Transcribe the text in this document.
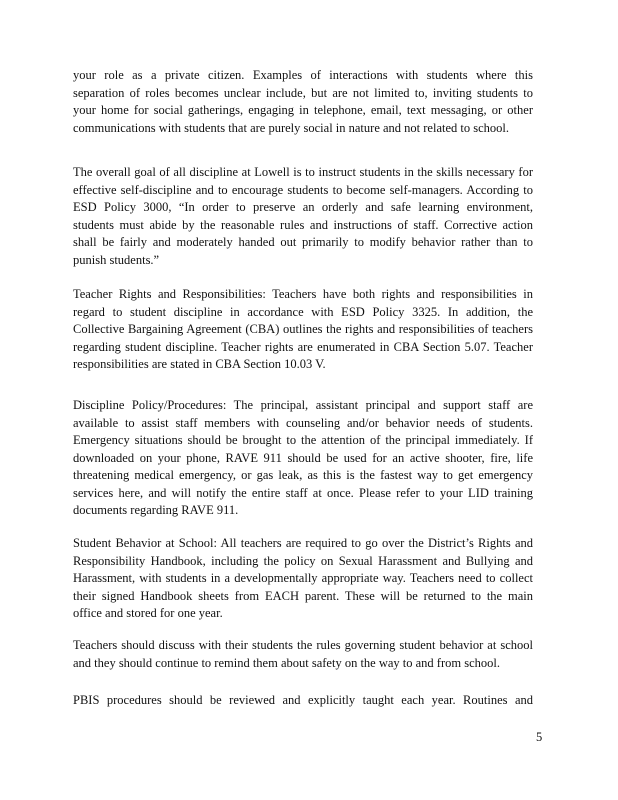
your role as a private citizen. Examples of interactions with students where this
separation of roles becomes unclear include, but are not limited to, inviting students to
your home for social gatherings, engaging in telephone, email, text messaging, or other
communications with students that are purely social in nature and not related to school.
The overall goal of all discipline at Lowell is to instruct students in the skills necessary for
effective self-discipline and to encourage students to become self-managers. According to
ESD Policy 3000, “In order to preserve an orderly and safe learning environment,
students must abide by the reasonable rules and instructions of staff. Corrective action
shall be fairly and moderately handed out primarily to modify behavior rather than to
punish students.”
Teacher Rights and Responsibilities: Teachers have both rights and responsibilities in
regard to student discipline in accordance with ESD Policy 3325. In addition, the
Collective Bargaining Agreement (CBA) outlines the rights and responsibilities of teachers
regarding student discipline. Teacher rights are enumerated in CBA Section 5.07. Teacher
responsibilities are stated in CBA Section 10.03 V.
Discipline Policy/Procedures: The principal, assistant principal and support staff are
available to assist staff members with counseling and/or behavior needs of students.
Emergency situations should be brought to the attention of the principal immediately. If
downloaded on your phone, RAVE 911 should be used for an active shooter, fire, life
threatening medical emergency, or gas leak, as this is the fastest way to get emergency
services here, and will notify the entire staff at once. Please refer to your LID training
documents regarding RAVE 911.
Student Behavior at School: All teachers are required to go over the District’s Rights and
Responsibility Handbook, including the policy on Sexual Harassment and Bullying and
Harassment, with students in a developmentally appropriate way. Teachers need to collect
their signed Handbook sheets from EACH parent. These will be returned to the main
office and stored for one year.
Teachers should discuss with their students the rules governing student behavior at school
and they should continue to remind them about safety on the way to and from school.
PBIS procedures should be reviewed and explicitly taught each year. Routines and

5
